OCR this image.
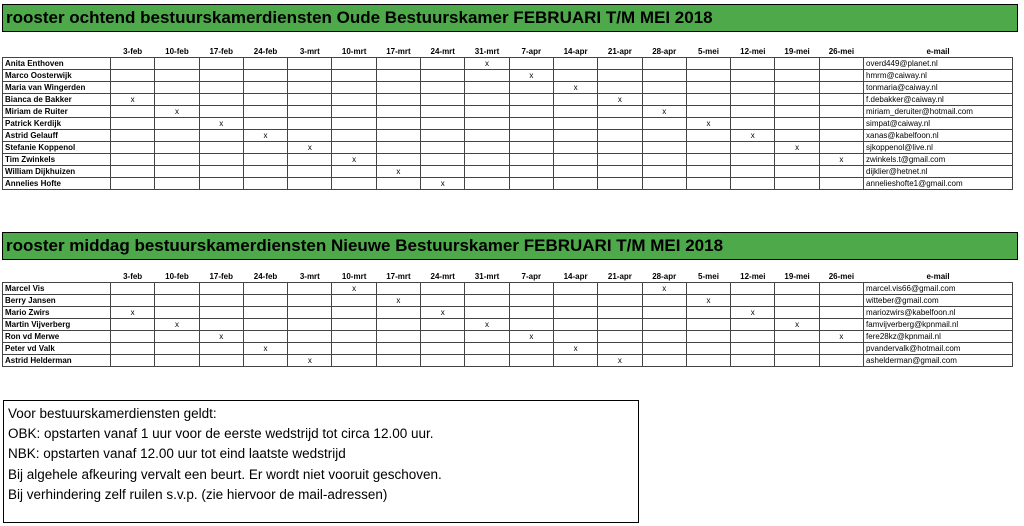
rooster ochtend bestuurskamerdiensten Oude Bestuurskamer FEBRUARI T/M MEI 2018
	3-feb	10-feb	17-feb	24-feb	3-mrt	10-mrt	17-mrt	24-mrt	31-mrt	7-apr	14-apr	21-apr	28-apr	5-mei	12-mei	19-mei	26-mei	e-mail
Anita Enthoven									x									overd449@planet.nl
Marco Oosterwijk										x								hmrm@caiway.nl
Maria van Wingerden											x							tonmaria@caiway.nl
Bianca de Bakker	x											x						f.debakker@caiway.nl
Miriam de Ruiter		x											x					miriam_deruiter@hotmail.com
Patrick Kerdijk			x											x				simpat@caiway.nl
Astrid Gelauff				x											x			xanas@kabelfoon.nl
Stefanie Koppenol					x											x		sjkoppenol@live.nl
Tim Zwinkels						x											x	zwinkels.t@gmail.com
William Dijkhuizen							x											dijklier@hetnet.nl
Annelies Hofte								x										annelieshofte1@gmail.com
rooster middag bestuurskamerdiensten Nieuwe Bestuurskamer FEBRUARI T/M MEI 2018
	3-feb	10-feb	17-feb	24-feb	3-mrt	10-mrt	17-mrt	24-mrt	31-mrt	7-apr	14-apr	21-apr	28-apr	5-mei	12-mei	19-mei	26-mei	e-mail
Marcel Vis						x							x					marcel.vis66@gmail.com
Berry Jansen							x							x				witteber@gmail.com
Mario Zwirs	x							x							x			mariozwirs@kabelfoon.nl
Martin Vijverberg		x							x							x		famvijverberg@kpnmail.nl
Ron vd Merwe			x							x							x	fere28kz@kpnmail.nl
Peter vd Valk				x							x							pvandervalk@hotmail.com
Astrid Helderman					x							x						ashelderman@gmail.com
Voor bestuurskamerdiensten geldt:
OBK: opstarten vanaf 1 uur voor de eerste wedstrijd tot circa 12.00 uur.
NBK: opstarten vanaf 12.00 uur tot eind laatste wedstrijd
Bij algehele afkeuring vervalt een beurt. Er wordt niet vooruit geschoven.
Bij verhindering zelf ruilen s.v.p. (zie hiervoor de mail-adressen)
